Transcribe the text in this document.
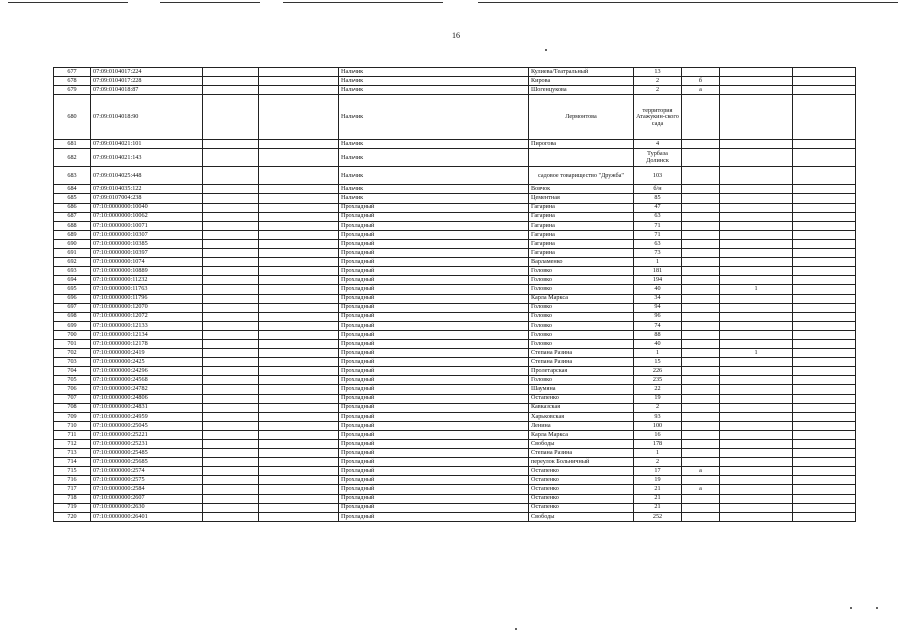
16
677	07:09:0104017:224			Нальчик	Кулиева/Театральный	13			
678	07:09:0104017:228			Нальчик	Кирова	2	б		
679	07:09:0104018:87			Нальчик	Шогенцукова	2	а		
680	07:09:0104018:90			Нальчик	Лермонтова	территория Атажукин-ского сада			
681	07:09:0104021:101			Нальчик	Пирогова	4			
682	07:09:0104021:143			Нальчик		Турбаза Долинск			
683	07:09:0104025:448			Нальчик	садовое товарищество "Дружба"	103			
684	07:09:0104035:122			Нальчик	Вовчок	б/н			
685	07:09:0107004:238			Нальчик	Цементная	85			
686	07:10:0000000:10040			Прохладный	Гагарина	47			
687	07:10:0000000:10062			Прохладный	Гагарина	63			
688	07:10:0000000:10071			Прохладный	Гагарина	71			
689	07:10:0000000:10307			Прохладный	Гагарина	71			
690	07:10:0000000:10385			Прохладный	Гагарина	63			
691	07:10:0000000:10397			Прохладный	Гагарина	73			
692	07:10:0000000:1074			Прохладный	Варламенко	1			
693	07:10:0000000:10889			Прохладный	Головко	181			
694	07:10:0000000:11232			Прохладный	Головко	194			
695	07:10:0000000:11763			Прохладный	Головко	40		1	
696	07:10:0000000:11796			Прохладный	Карла Маркса	34			
697	07:10:0000000:12070			Прохладный	Головко	94			
698	07:10:0000000:12072			Прохладный	Головко	96			
699	07:10:0000000:12133			Прохладный	Головко	74			
700	07:10:0000000:12134			Прохладный	Головко	88			
701	07:10:0000000:12178			Прохладный	Головко	40			
702	07:10:0000000:2419			Прохладный	Степана Разина	1		1	
703	07:10:0000000:2425			Прохладный	Степана Разина	15			
704	07:10:0000000:24296			Прохладный	Пролетарская	226			
705	07:10:0000000:24568			Прохладный	Головко	235			
706	07:10:0000000:24782			Прохладный	Шаумяна	22			
707	07:10:0000000:24806			Прохладный	Остапенко	19			
708	07:10:0000000:24831			Прохладный	Кавказская	2			
709	07:10:0000000:24959			Прохладный	Харьковская	93			
710	07:10:0000000:25045			Прохладный	Ленина	100			
711	07:10:0000000:25221			Прохладный	Карла Маркса	16			
712	07:10:0000000:25231			Прохладный	Свободы	178			
713	07:10:0000000:25485			Прохладный	Степана Разина	1			
714	07:10:0000000:25685			Прохладный	переулок Больничный	2			
715	07:10:0000000:2574			Прохладный	Остапенко	17	а		
716	07:10:0000000:2575			Прохладный	Остапенко	19			
717	07:10:0000000:2584			Прохладный	Остапенко	21	а		
718	07:10:0000000:2607			Прохладный	Остапенко	21			
719	07:10:0000000:2630			Прохладный	Остапенко	21			
720	07:10:0000000:26401			Прохладный	Свободы	252			
